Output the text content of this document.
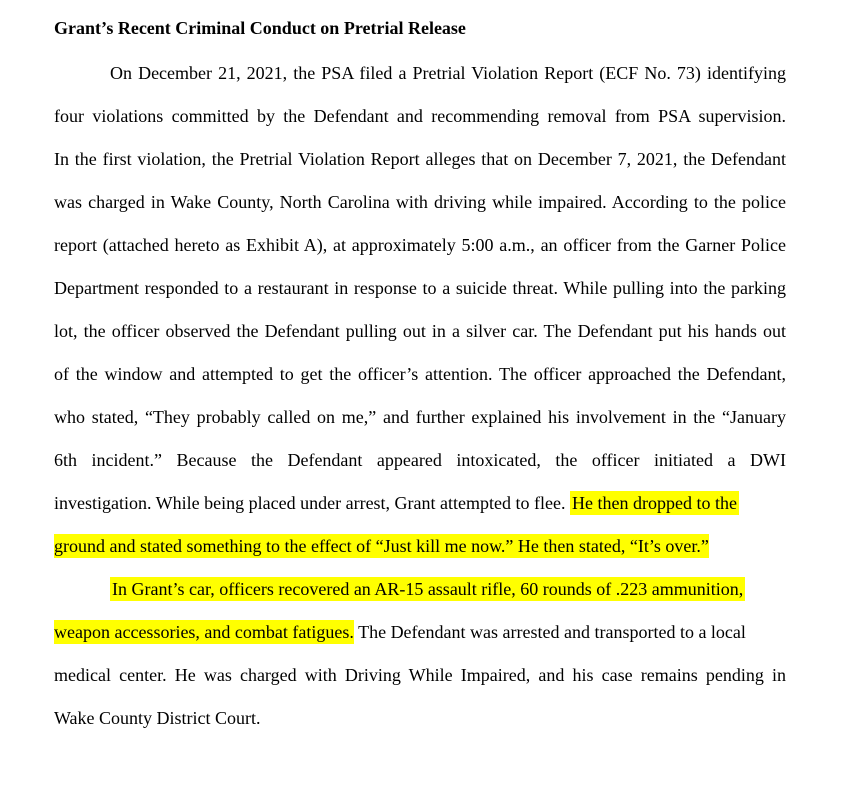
Grant’s Recent Criminal Conduct on Pretrial Release
On December 21, 2021, the PSA filed a Pretrial Violation Report (ECF No. 73) identifying
four violations committed by the Defendant and recommending removal from PSA supervision.
In the first violation, the Pretrial Violation Report alleges that on December 7, 2021, the Defendant
was charged in Wake County, North Carolina with driving while impaired. According to the police
report (attached hereto as Exhibit A), at approximately 5:00 a.m., an officer from the Garner Police
Department responded to a restaurant in response to a suicide threat. While pulling into the parking
lot, the officer observed the Defendant pulling out in a silver car. The Defendant put his hands out
of the window and attempted to get the officer’s attention. The officer approached the Defendant,
who stated, “They probably called on me,” and further explained his involvement in the “January
6th incident.” Because the Defendant appeared intoxicated, the officer initiated a DWI
investigation. While being placed under arrest, Grant attempted to flee. He then dropped to the
ground and stated something to the effect of “Just kill me now.” He then stated, “It’s over.”
In Grant’s car, officers recovered an AR-15 assault rifle, 60 rounds of .223 ammunition,
weapon accessories, and combat fatigues. The Defendant was arrested and transported to a local
medical center. He was charged with Driving While Impaired, and his case remains pending in
Wake County District Court.
